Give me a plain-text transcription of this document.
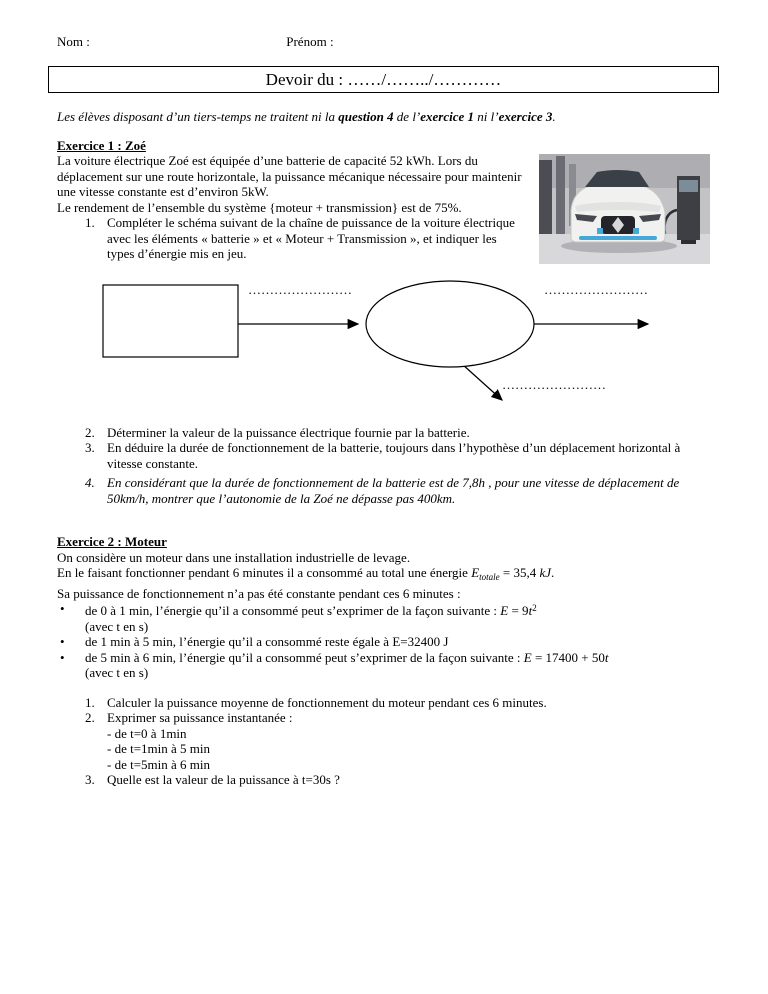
Nom :	Prénom :
Devoir du : ……/……../…………
Les élèves disposant d’un tiers-temps ne traitent ni la question 4 de l’exercice 1 ni l’exercice 3.
Exercice 1 : Zoé
La voiture électrique Zoé est équipée d’une batterie de capacité 52 kWh. Lors du déplacement sur une route horizontale, la puissance mécanique nécessaire pour maintenir une vitesse constante est d’environ 5kW.
Le rendement de l’ensemble du système {moteur + transmission} est de 75%.
1. Compléter le schéma suivant de la chaîne de puissance de la voiture électrique avec les éléments « batterie » et « Moteur + Transmission », et indiquer les types d’énergie mis en jeu.
……………………	……………………
……………………
2. Déterminer la valeur de la puissance électrique fournie par la batterie.
3. En déduire la durée de fonctionnement de la batterie, toujours dans l’hypothèse d’un déplacement horizontal à vitesse constante.
4. En considérant que la durée de fonctionnement de la batterie est de 7,8h , pour une vitesse de déplacement de 50km/h, montrer que l’autonomie de la Zoé ne dépasse pas 400km.
Exercice 2 : Moteur
On considère un moteur dans une installation industrielle de levage.
En le faisant fonctionner pendant 6 minutes il a consommé au total une énergie $E_{totale} = 35,4$ kJ.
Sa puissance de fonctionnement n’a pas été constante pendant ces 6 minutes :
•	de 0 à 1 min, l’énergie qu’il a consommé peut s’exprimer de la façon suivante : $E = 9t^2$
(avec t en s)
•	de 1 min à 5 min, l’énergie qu’il a consommé reste égale à E=32400 J
•	de 5 min à 6 min, l’énergie qu’il a consommé peut s’exprimer de la façon suivante : E = 17400 + 50t
(avec t en s)
1. Calculer la puissance moyenne de fonctionnement du moteur pendant ces 6 minutes.
2. Exprimer sa puissance instantanée :
- de t=0 à 1min
- de t=1min à 5 min
- de t=5min à 6 min
3. Quelle est la valeur de la puissance à t=30s ?
